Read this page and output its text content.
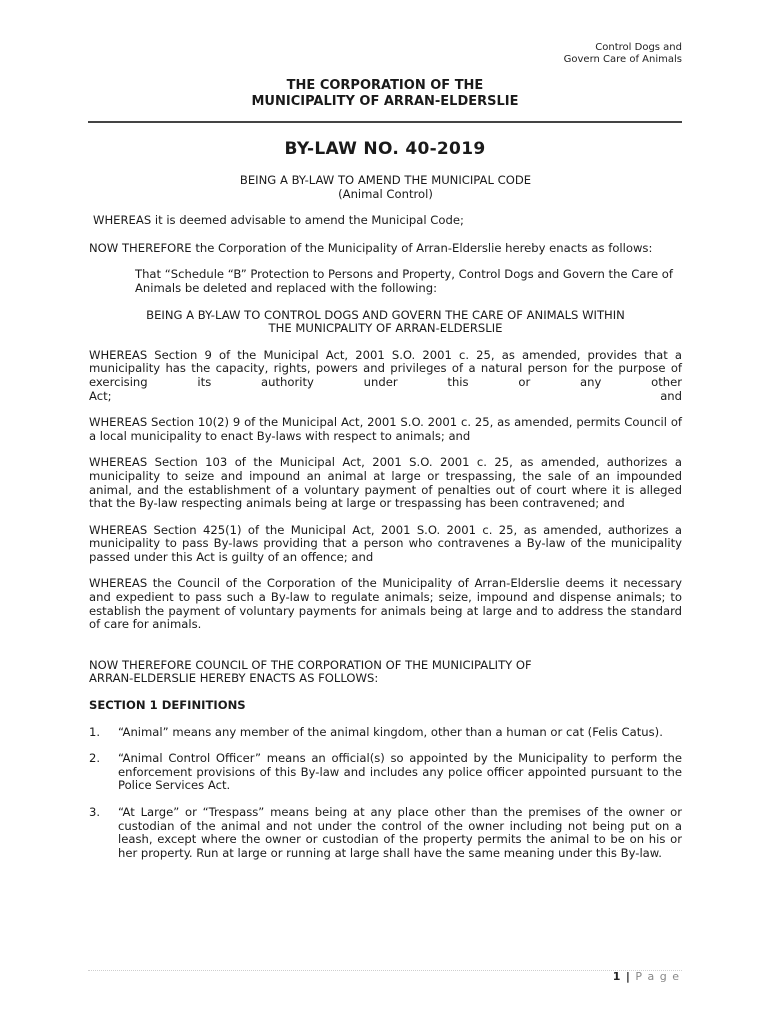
Control Dogs and
Govern Care of Animals
THE CORPORATION OF THE
MUNICIPALITY OF ARRAN-ELDERSLIE
BY-LAW NO. 40-2019
BEING A BY-LAW TO AMEND THE MUNICIPAL CODE
(Animal Control)

WHEREAS it is deemed advisable to amend the Municipal Code;

NOW THEREFORE the Corporation of the Municipality of Arran-Elderslie hereby enacts as follows:

That “Schedule “B” Protection to Persons and Property, Control Dogs and Govern the Care of Animals be deleted and replaced with the following:

BEING A BY-LAW TO CONTROL DOGS AND GOVERN THE CARE OF ANIMALS WITHIN
THE MUNICPALITY OF ARRAN-ELDERSLIE

WHEREAS Section 9 of the Municipal Act, 2001 S.O. 2001 c. 25, as amended, provides that a municipality has the capacity, rights, powers and privileges of a natural person for the purpose of exercising its authority under this or any other

Act;	and

WHEREAS Section 10(2) 9 of the Municipal Act, 2001 S.O. 2001 c. 25, as amended, permits Council of a local municipality to enact By-laws with respect to animals; and

WHEREAS Section 103 of the Municipal Act, 2001 S.O. 2001 c. 25, as amended, authorizes a municipality to seize and impound an animal at large or trespassing, the sale of an impounded animal, and the establishment of a voluntary payment of penalties out of court where it is alleged that the By-law respecting animals being at large or trespassing has been contravened; and

WHEREAS Section 425(1) of the Municipal Act, 2001 S.O. 2001 c. 25, as amended, authorizes a municipality to pass By-laws providing that a person who contravenes a By-law of the municipality passed under this Act is guilty of an offence; and

WHEREAS the Council of the Corporation of the Municipality of Arran-Elderslie deems it necessary and expedient to pass such a By-law to regulate animals; seize, impound and dispense animals; to establish the payment of voluntary payments for animals being at large and to address the standard of care for animals.

NOW THEREFORE COUNCIL OF THE CORPORATION OF THE MUNICIPALITY OF
ARRAN-ELDERSLIE HEREBY ENACTS AS FOLLOWS:
SECTION 1 DEFINITIONS
1.	“Animal” means any member of the animal kingdom, other than a human or cat (Felis Catus).
2.	“Animal Control Officer” means an official(s) so appointed by the Municipality to perform the enforcement provisions of this By-law and includes any police officer appointed pursuant to the Police Services Act.
3.	“At Large” or “Trespass” means being at any place other than the premises of the owner or custodian of the animal and not under the control of the owner including not being put on a leash, except where the owner or custodian of the property permits the animal to be on his or her property. Run at large or running at large shall have the same meaning under this By-law.
1 | P a g e
